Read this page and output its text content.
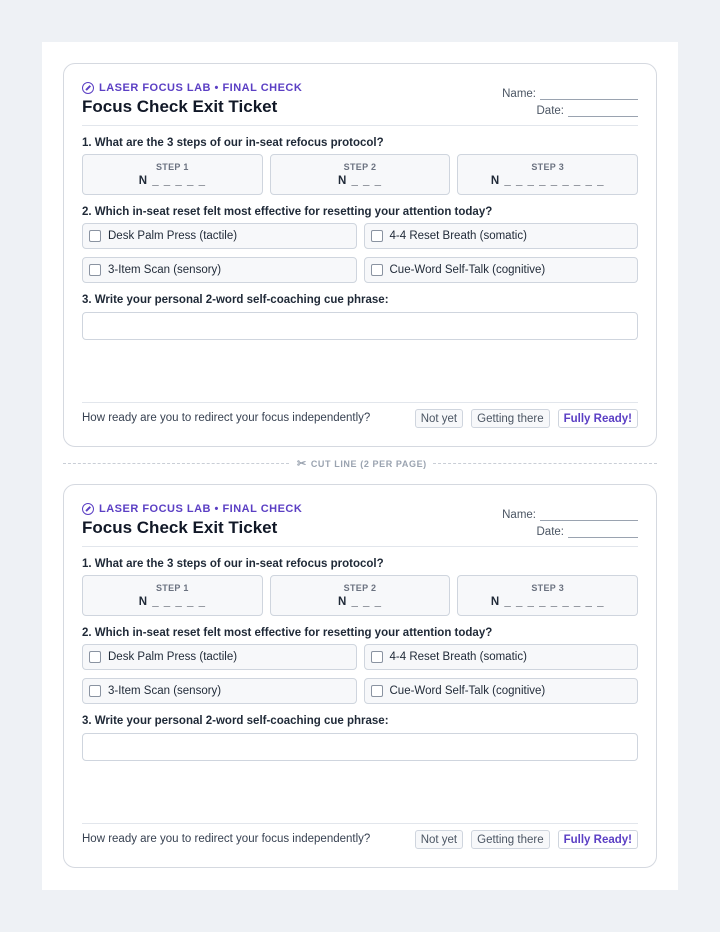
LASER FOCUS LAB • FINAL CHECK
Focus Check Exit Ticket
Name:
Date:
1. What are the 3 steps of our in-seat refocus protocol?
STEP 1
N _ _ _ _ _
STEP 2
N _ _ _
STEP 3
N _ _ _ _ _ _ _ _ _
2. Which in-seat reset felt most effective for resetting your attention today?
Desk Palm Press (tactile)	4-4 Reset Breath (somatic)
3-Item Scan (sensory)	Cue-Word Self-Talk (cognitive)
3. Write your personal 2-word self-coaching cue phrase:
How ready are you to redirect your focus independently?	Not yet	Getting there	Fully Ready!
✂ CUT LINE (2 PER PAGE)
LASER FOCUS LAB • FINAL CHECK
Focus Check Exit Ticket
Name:
Date:
1. What are the 3 steps of our in-seat refocus protocol?
STEP 1
N _ _ _ _ _
STEP 2
N _ _ _
STEP 3
N _ _ _ _ _ _ _ _ _
2. Which in-seat reset felt most effective for resetting your attention today?
Desk Palm Press (tactile)	4-4 Reset Breath (somatic)
3-Item Scan (sensory)	Cue-Word Self-Talk (cognitive)
3. Write your personal 2-word self-coaching cue phrase:
How ready are you to redirect your focus independently?	Not yet	Getting there	Fully Ready!
